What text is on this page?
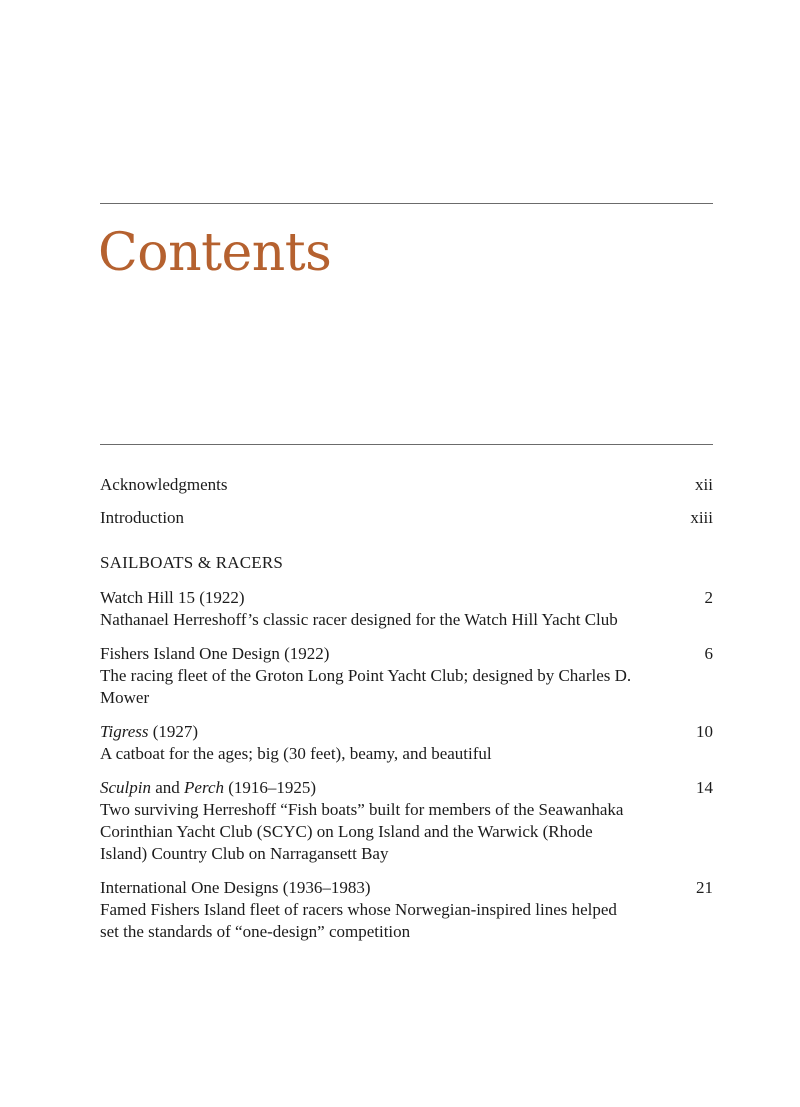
Contents
Acknowledgments	xii
Introduction	xiii
SAILBOATS & RACERS
Watch Hill 15 (1922)	2
Nathanael Herreshoff’s classic racer designed for the Watch Hill Yacht Club
Fishers Island One Design (1922)	6
The racing fleet of the Groton Long Point Yacht Club; designed by Charles D. Mower
Tigress (1927)	10
A catboat for the ages; big (30 feet), beamy, and beautiful
Sculpin and Perch (1916–1925)	14
Two surviving Herreshoff “Fish boats” built for members of the Seawanhaka Corinthian Yacht Club (SCYC) on Long Island and the Warwick (Rhode Island) Country Club on Narragansett Bay
International One Designs (1936–1983)	21
Famed Fishers Island fleet of racers whose Norwegian-inspired lines helped set the standards of “one-design” competition
